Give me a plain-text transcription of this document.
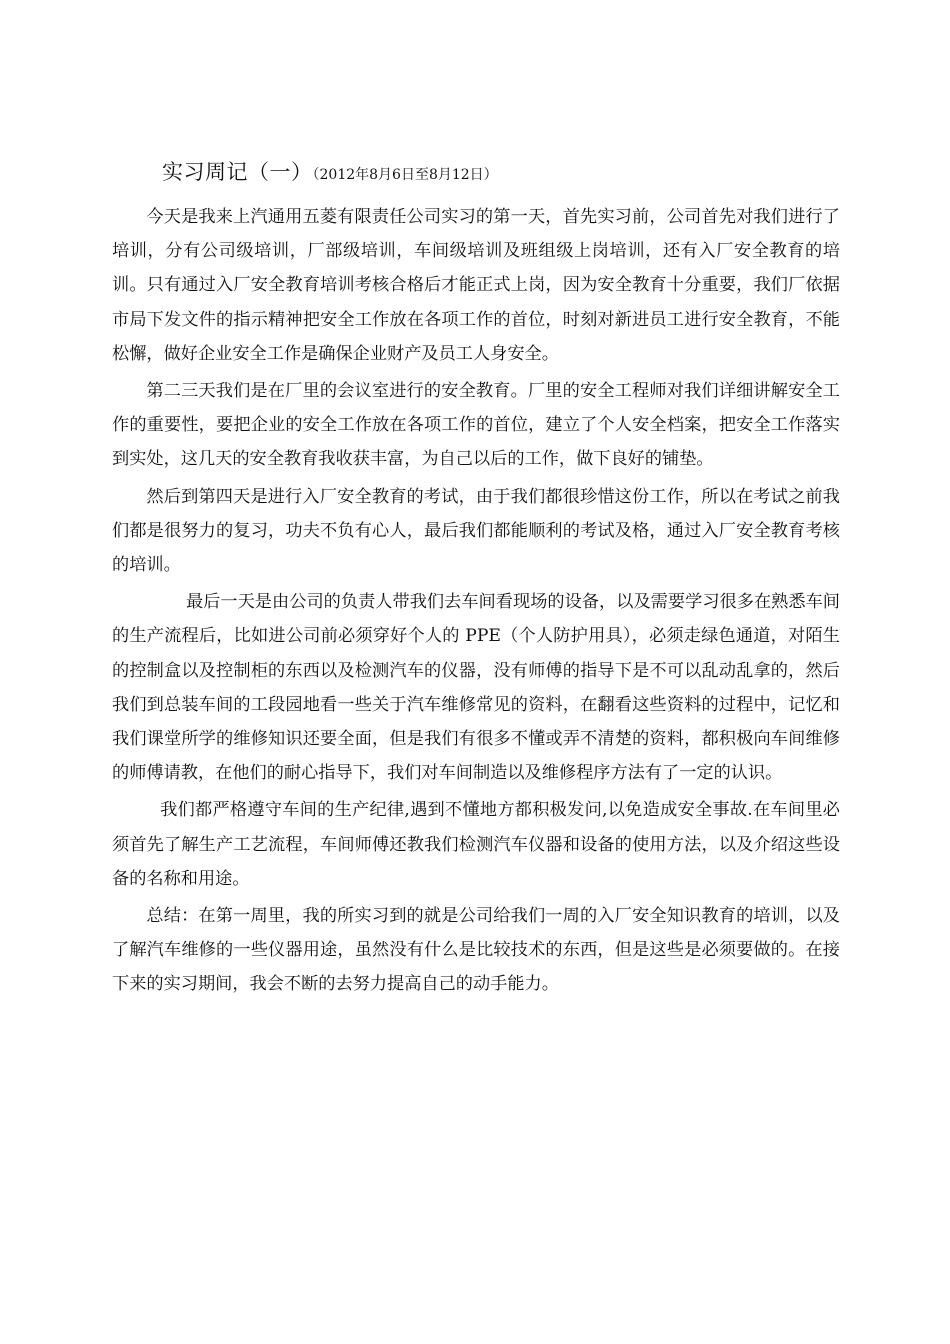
实习周记（一）（2012年8月6日至8月12日）

今天是我来上汽通用五菱有限责任公司实习的第一天，首先实习前，公司首先对我们进行了培训，分有公司级培训，厂部级培训，车间级培训及班组级上岗培训，还有入厂安全教育的培训。只有通过入厂安全教育培训考核合格后才能正式上岗，因为安全教育十分重要，我们厂依据市局下发文件的指示精神把安全工作放在各项工作的首位，时刻对新进员工进行安全教育，不能松懈，做好企业安全工作是确保企业财产及员工人身安全。

第二三天我们是在厂里的会议室进行的安全教育。厂里的安全工程师对我们详细讲解安全工作的重要性，要把企业的安全工作放在各项工作的首位，建立了个人安全档案，把安全工作落实到实处，这几天的安全教育我收获丰富，为自己以后的工作，做下良好的铺垫。

然后到第四天是进行入厂安全教育的考试，由于我们都很珍惜这份工作，所以在考试之前我们都是很努力的复习，功夫不负有心人，最后我们都能顺利的考试及格，通过入厂安全教育考核的培训。

最后一天是由公司的负责人带我们去车间看现场的设备，以及需要学习很多在熟悉车间的生产流程后，比如进公司前必须穿好个人的 PPE（个人防护用具），必须走绿色通道，对陌生的控制盒以及控制柜的东西以及检测汽车的仪器，没有师傅的指导下是不可以乱动乱拿的，然后我们到总装车间的工段园地看一些关于汽车维修常见的资料，在翻看这些资料的过程中，记忆和我们课堂所学的维修知识还要全面，但是我们有很多不懂或弄不清楚的资料，都积极向车间维修的师傅请教，在他们的耐心指导下，我们对车间制造以及维修程序方法有了一定的认识。

我们都严格遵守车间的生产纪律,遇到不懂地方都积极发问,以免造成安全事故.在车间里必须首先了解生产工艺流程，车间师傅还教我们检测汽车仪器和设备的使用方法，以及介绍这些设备的名称和用途。

总结：在第一周里，我的所实习到的就是公司给我们一周的入厂安全知识教育的培训，以及了解汽车维修的一些仪器用途，虽然没有什么是比较技术的东西，但是这些是必须要做的。在接下来的实习期间，我会不断的去努力提高自己的动手能力。
